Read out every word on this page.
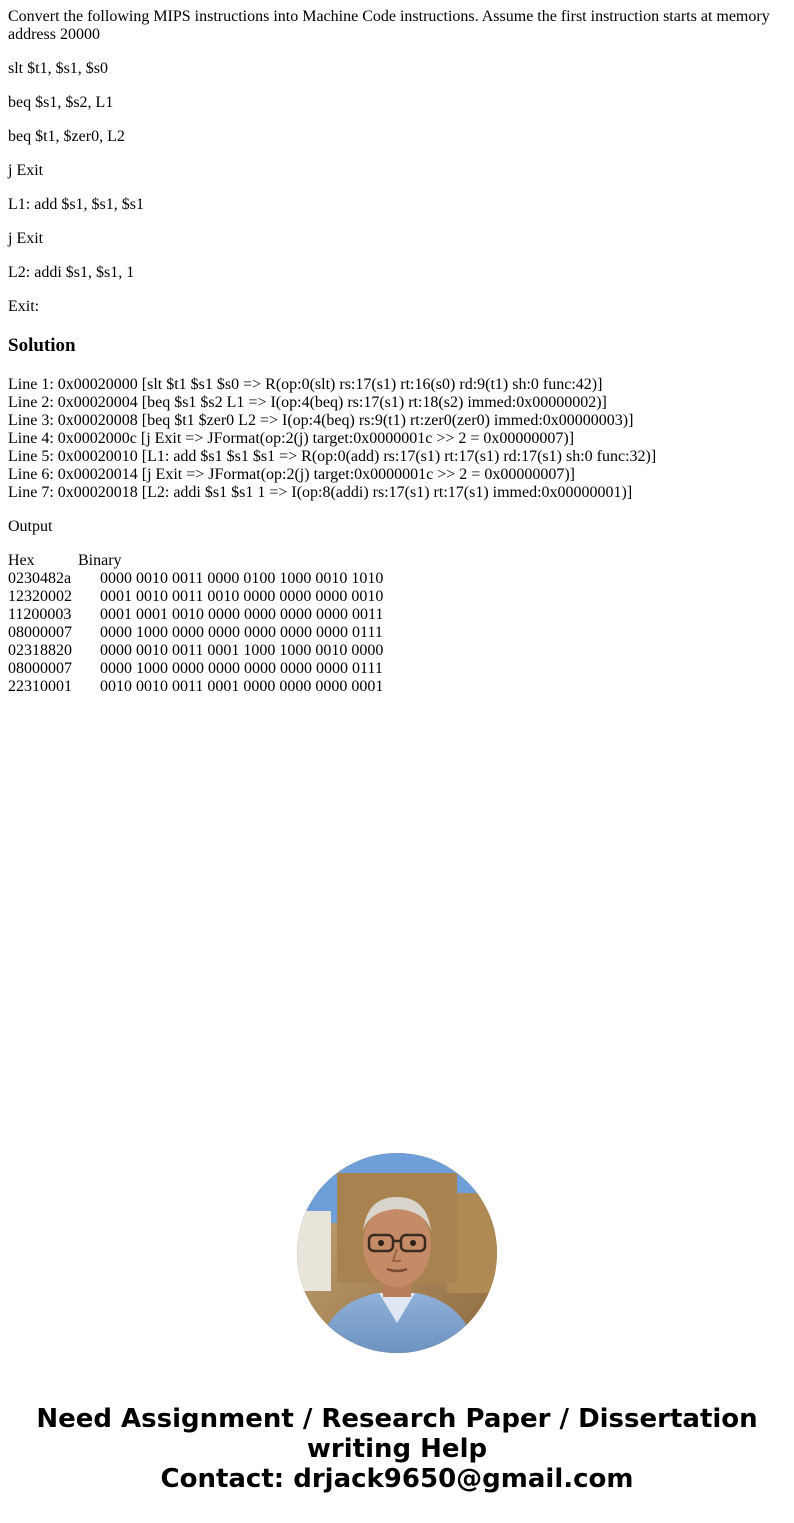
Convert the following MIPS instructions into Machine Code instructions. Assume the first instruction starts at memory address 20000

slt $t1, $s1, $s0

beq $s1, $s2, L1

beq $t1, $zer0, L2

j Exit

L1: add $s1, $s1, $s1

j Exit

L2: addi $s1, $s1, 1

Exit:

Solution

Line 1: 0x00020000 [slt $t1 $s1 $s0 => R(op:0(slt) rs:17(s1) rt:16(s0) rd:9(t1) sh:0 func:42)]
Line 2: 0x00020004 [beq $s1 $s2 L1 => I(op:4(beq) rs:17(s1) rt:18(s2) immed:0x00000002)]
Line 3: 0x00020008 [beq $t1 $zer0 L2 => I(op:4(beq) rs:9(t1) rt:zer0(zer0) immed:0x00000003)]
Line 4: 0x0002000c [j Exit => JFormat(op:2(j) target:0x0000001c >> 2 = 0x00000007)]
Line 5: 0x00020010 [L1: add $s1 $s1 $s1 => R(op:0(add) rs:17(s1) rt:17(s1) rd:17(s1) sh:0 func:32)]
Line 6: 0x00020014 [j Exit => JFormat(op:2(j) target:0x0000001c >> 2 = 0x00000007)]
Line 7: 0x00020018 [L2: addi $s1 $s1 1 => I(op:8(addi) rs:17(s1) rt:17(s1) immed:0x00000001)]

Output

Hex	Binary
0230482a 0000 0010 0011 0000 0100 1000 0010 1010
12320002 0001 0010 0011 0010 0000 0000 0000 0010
11200003 0001 0001 0010 0000 0000 0000 0000 0011
08000007 0000 1000 0000 0000 0000 0000 0000 0111
02318820 0000 0010 0011 0001 1000 1000 0010 0000
08000007 0000 1000 0000 0000 0000 0000 0000 0111
22310001 0010 0010 0011 0001 0000 0000 0000 0001
Need Assignment / Research Paper / Dissertation
writing Help
Contact: drjack9650@gmail.com
